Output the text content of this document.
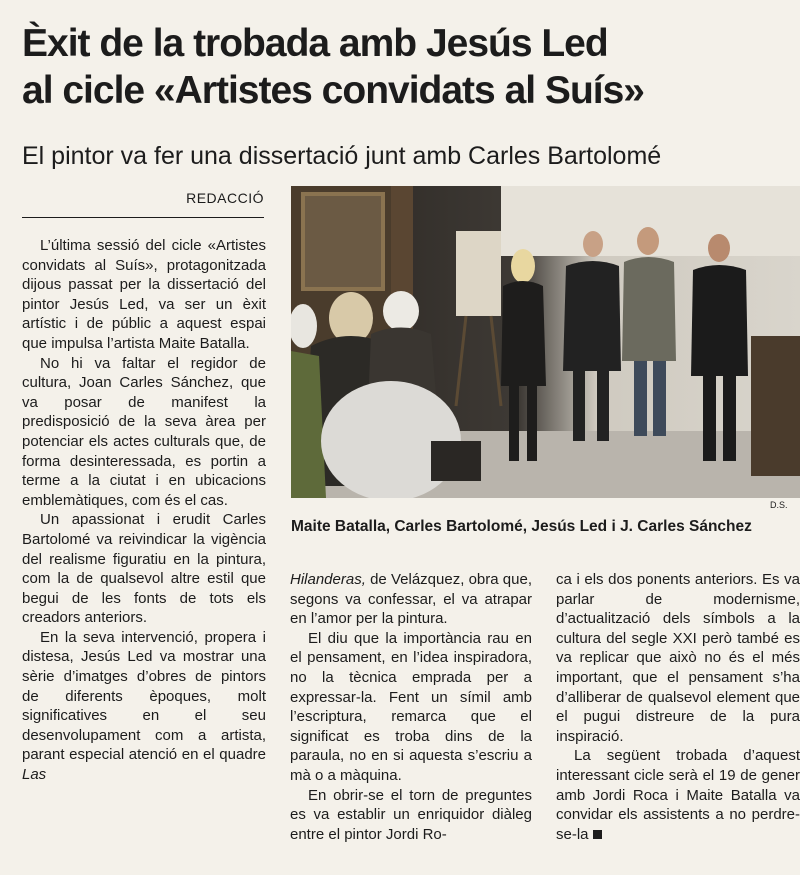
Èxit de la trobada amb Jesús Led
al cicle «Artistes convidats al Suís»
El pintor va fer una dissertació junt amb Carles Bartolomé
REDACCIÓ

L’última sessió del cicle «Artistes convidats al Suís», protagonitzada dijous passat per la dissertació del pintor Jesús Led, va ser un èxit artístic i de públic a aquest espai que impulsa l’artista Maite Batalla.

No hi va faltar el regidor de cultura, Joan Carles Sánchez, que va posar de manifest la predisposició de la seva àrea per potenciar els actes culturals que, de forma desinteressada, es portin a terme a la ciutat i en ubicacions emblemàtiques, com és el cas.

Un apassionat i erudit Carles Bartolomé va reivindicar la vigència del realisme figuratiu en la pintura, com la de qualsevol altre estil que begui de les fonts de tots els creadors anteriors.

En la seva intervenció, propera i distesa, Jesús Led va mostrar una sèrie d’imatges d’obres de pintors de diferents èpoques, molt significatives en el seu desenvolupament com a artista, parant especial atenció en el quadre Las

D.S.
Maite Batalla, Carles Bartolomé, Jesús Led i J. Carles Sánchez

Hilanderas, de Velázquez, obra que, segons va confessar, el va atrapar en l’amor per la pintura.

El diu que la importància rau en el pensament, en l’idea inspiradora, no la tècnica emprada per a expressar-la. Fent un símil amb l’escriptura, remarca que el significat es troba dins de la paraula, no en si aquesta s’escriu a mà o a màquina.

En obrir-se el torn de preguntes es va establir un enriquidor diàleg entre el pintor Jordi Ro-

ca i els dos ponents anteriors. Es va parlar de modernisme, d’actualització dels símbols a la cultura del segle XXI però també es va replicar que això no és el més important, que el pensament s’ha d’alliberar de qualsevol element que el pugui distreure de la pura inspiració.

La següent trobada d’aquest interessant cicle serà el 19 de gener amb Jordi Roca i Maite Batalla va convidar els assistents a no perdre-se-la
